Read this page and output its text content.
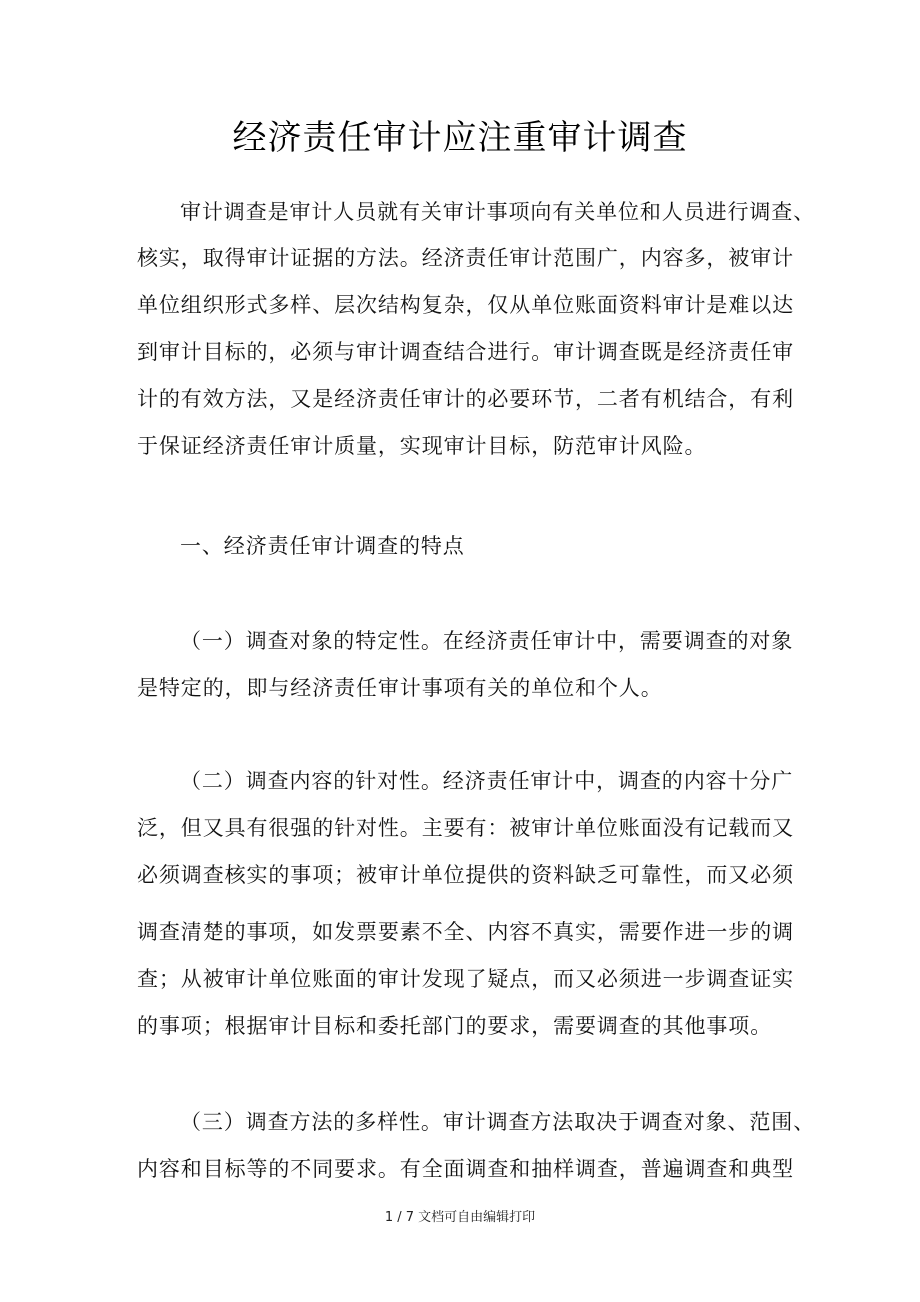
经济责任审计应注重审计调查
审计调查是审计人员就有关审计事项向有关单位和人员进行调查、
核实，取得审计证据的方法。经济责任审计范围广，内容多，被审计
单位组织形式多样、层次结构复杂，仅从单位账面资料审计是难以达
到审计目标的，必须与审计调查结合进行。审计调查既是经济责任审
计的有效方法，又是经济责任审计的必要环节，二者有机结合，有利
于保证经济责任审计质量，实现审计目标，防范审计风险。
一、经济责任审计调查的特点
（一）调查对象的特定性。在经济责任审计中，需要调查的对象
是特定的，即与经济责任审计事项有关的单位和个人。
（二）调查内容的针对性。经济责任审计中，调查的内容十分广
泛，但又具有很强的针对性。主要有：被审计单位账面没有记载而又
必须调查核实的事项；被审计单位提供的资料缺乏可靠性，而又必须
调查清楚的事项，如发票要素不全、内容不真实，需要作进一步的调
查；从被审计单位账面的审计发现了疑点，而又必须进一步调查证实
的事项；根据审计目标和委托部门的要求，需要调查的其他事项。
（三）调查方法的多样性。审计调查方法取决于调查对象、范围、
内容和目标等的不同要求。有全面调查和抽样调查，普遍调查和典型
1 / 7 文档可自由编辑打印
